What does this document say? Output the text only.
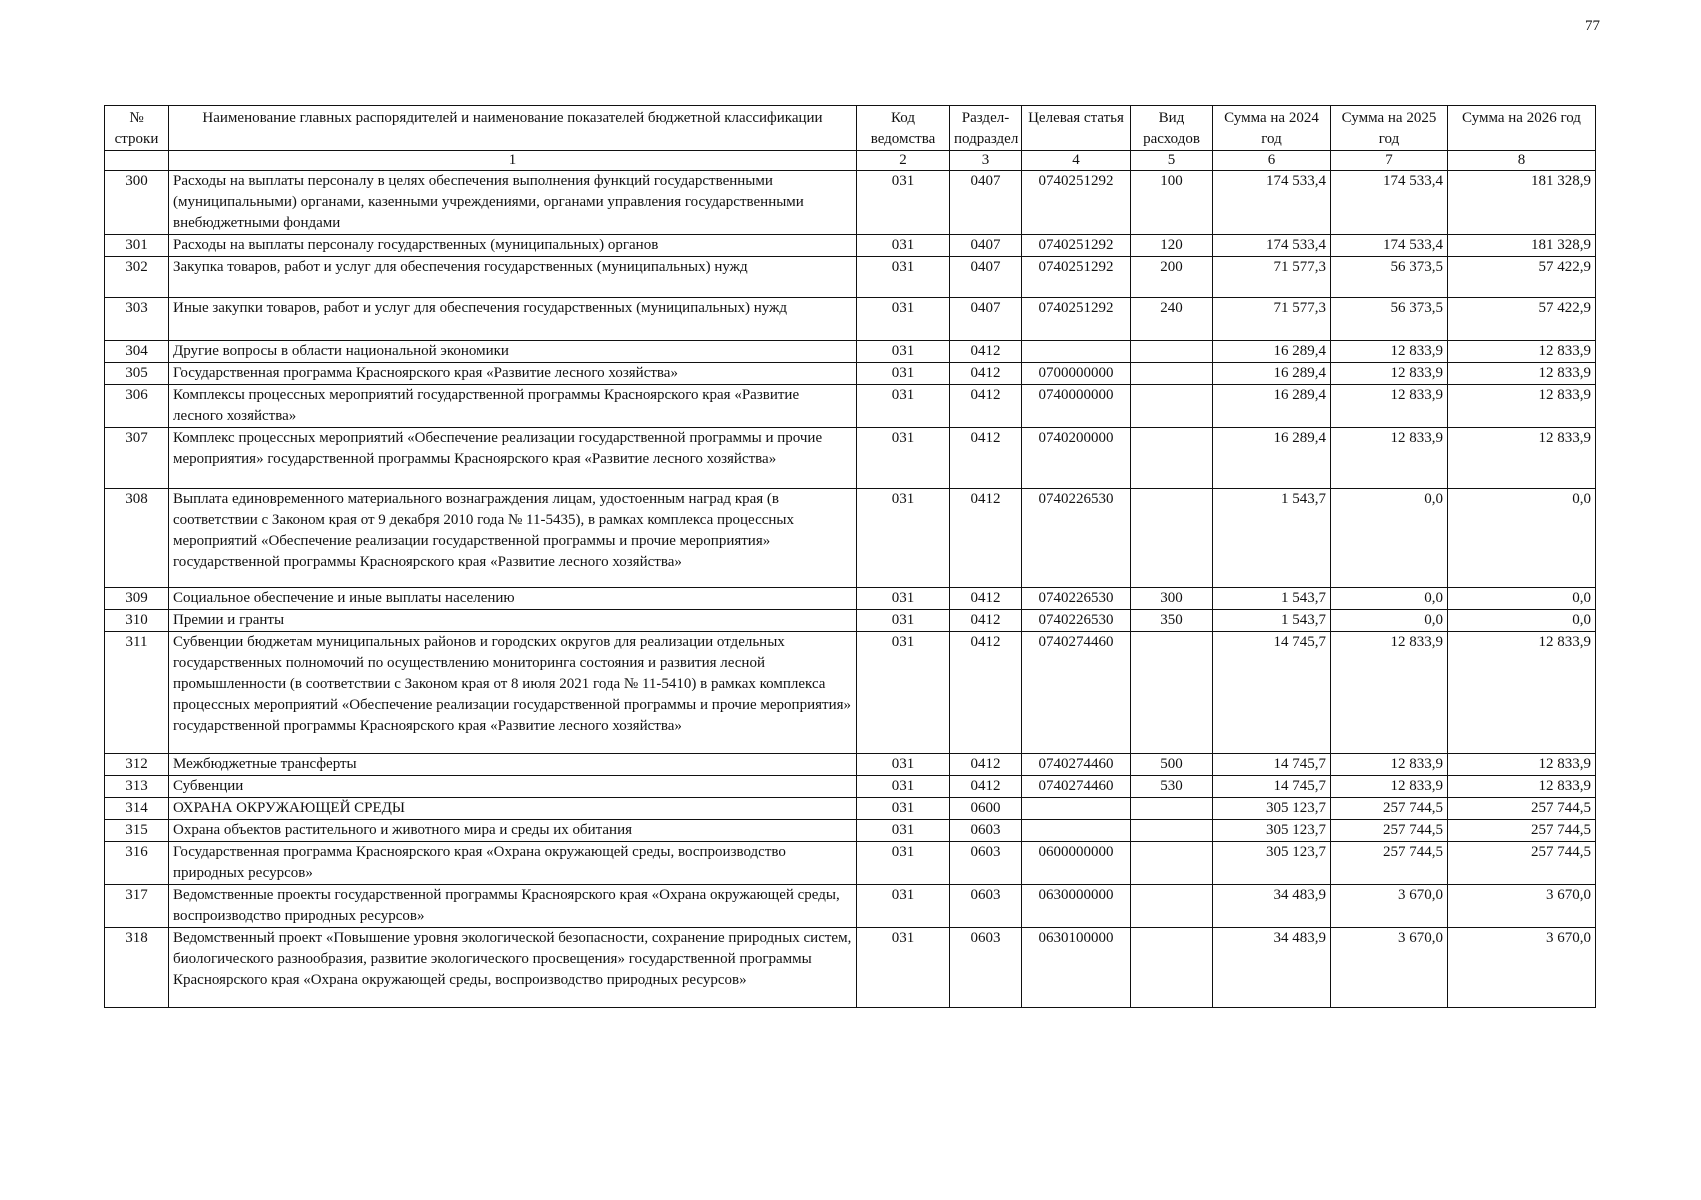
77
№ строки	Наименование главных распорядителей и наименование показателей бюджетной классификации	Код ведомства	Раздел-подраздел	Целевая статья	Вид расходов	Сумма на 2024 год	Сумма на 2025 год	Сумма на 2026 год
	1	2	3	4	5	6	7	8
300	Расходы на выплаты персоналу в целях обеспечения выполнения функций государственными (муниципальными) органами, казенными учреждениями, органами управления государственными внебюджетными фондами	031	0407	0740251292	100	174 533,4	174 533,4	181 328,9
301	Расходы на выплаты персоналу государственных (муниципальных) органов	031	0407	0740251292	120	174 533,4	174 533,4	181 328,9
302	Закупка товаров, работ и услуг для обеспечения государственных (муниципальных) нужд	031	0407	0740251292	200	71 577,3	56 373,5	57 422,9
303	Иные закупки товаров, работ и услуг для обеспечения государственных (муниципальных) нужд	031	0407	0740251292	240	71 577,3	56 373,5	57 422,9
304	Другие вопросы в области национальной экономики	031	0412			16 289,4	12 833,9	12 833,9
305	Государственная программа Красноярского края «Развитие лесного хозяйства»	031	0412	0700000000		16 289,4	12 833,9	12 833,9
306	Комплексы процессных мероприятий государственной программы Красноярского края «Развитие лесного хозяйства»	031	0412	0740000000		16 289,4	12 833,9	12 833,9
307	Комплекс процессных мероприятий «Обеспечение реализации государственной программы и прочие мероприятия» государственной программы Красноярского края «Развитие лесного хозяйства»	031	0412	0740200000		16 289,4	12 833,9	12 833,9
308	Выплата единовременного материального вознаграждения лицам, удостоенным наград края (в соответствии с Законом края от 9 декабря 2010 года № 11-5435), в рамках комплекса процессных мероприятий «Обеспечение реализации государственной программы и прочие мероприятия» государственной программы Красноярского края «Развитие лесного хозяйства»	031	0412	0740226530		1 543,7	0,0	0,0
309	Социальное обеспечение и иные выплаты населению	031	0412	0740226530	300	1 543,7	0,0	0,0
310	Премии и гранты	031	0412	0740226530	350	1 543,7	0,0	0,0
311	Субвенции бюджетам муниципальных районов и городских округов для реализации отдельных государственных полномочий по осуществлению мониторинга состояния и развития лесной промышленности (в соответствии с Законом края от 8 июля 2021 года № 11-5410) в рамках комплекса процессных мероприятий «Обеспечение реализации государственной программы и прочие мероприятия» государственной программы Красноярского края «Развитие лесного хозяйства»	031	0412	0740274460		14 745,7	12 833,9	12 833,9
312	Межбюджетные трансферты	031	0412	0740274460	500	14 745,7	12 833,9	12 833,9
313	Субвенции	031	0412	0740274460	530	14 745,7	12 833,9	12 833,9
314	ОХРАНА ОКРУЖАЮЩЕЙ СРЕДЫ	031	0600			305 123,7	257 744,5	257 744,5
315	Охрана объектов растительного и животного мира и среды их обитания	031	0603			305 123,7	257 744,5	257 744,5
316	Государственная программа Красноярского края «Охрана окружающей среды, воспроизводство природных ресурсов»	031	0603	0600000000		305 123,7	257 744,5	257 744,5
317	Ведомственные проекты государственной программы Красноярского края «Охрана окружающей среды, воспроизводство природных ресурсов»	031	0603	0630000000		34 483,9	3 670,0	3 670,0
318	Ведомственный проект «Повышение уровня экологической безопасности, сохранение природных систем, биологического разнообразия, развитие экологического просвещения» государственной программы Красноярского края «Охрана окружающей среды, воспроизводство природных ресурсов»	031	0603	0630100000		34 483,9	3 670,0	3 670,0
